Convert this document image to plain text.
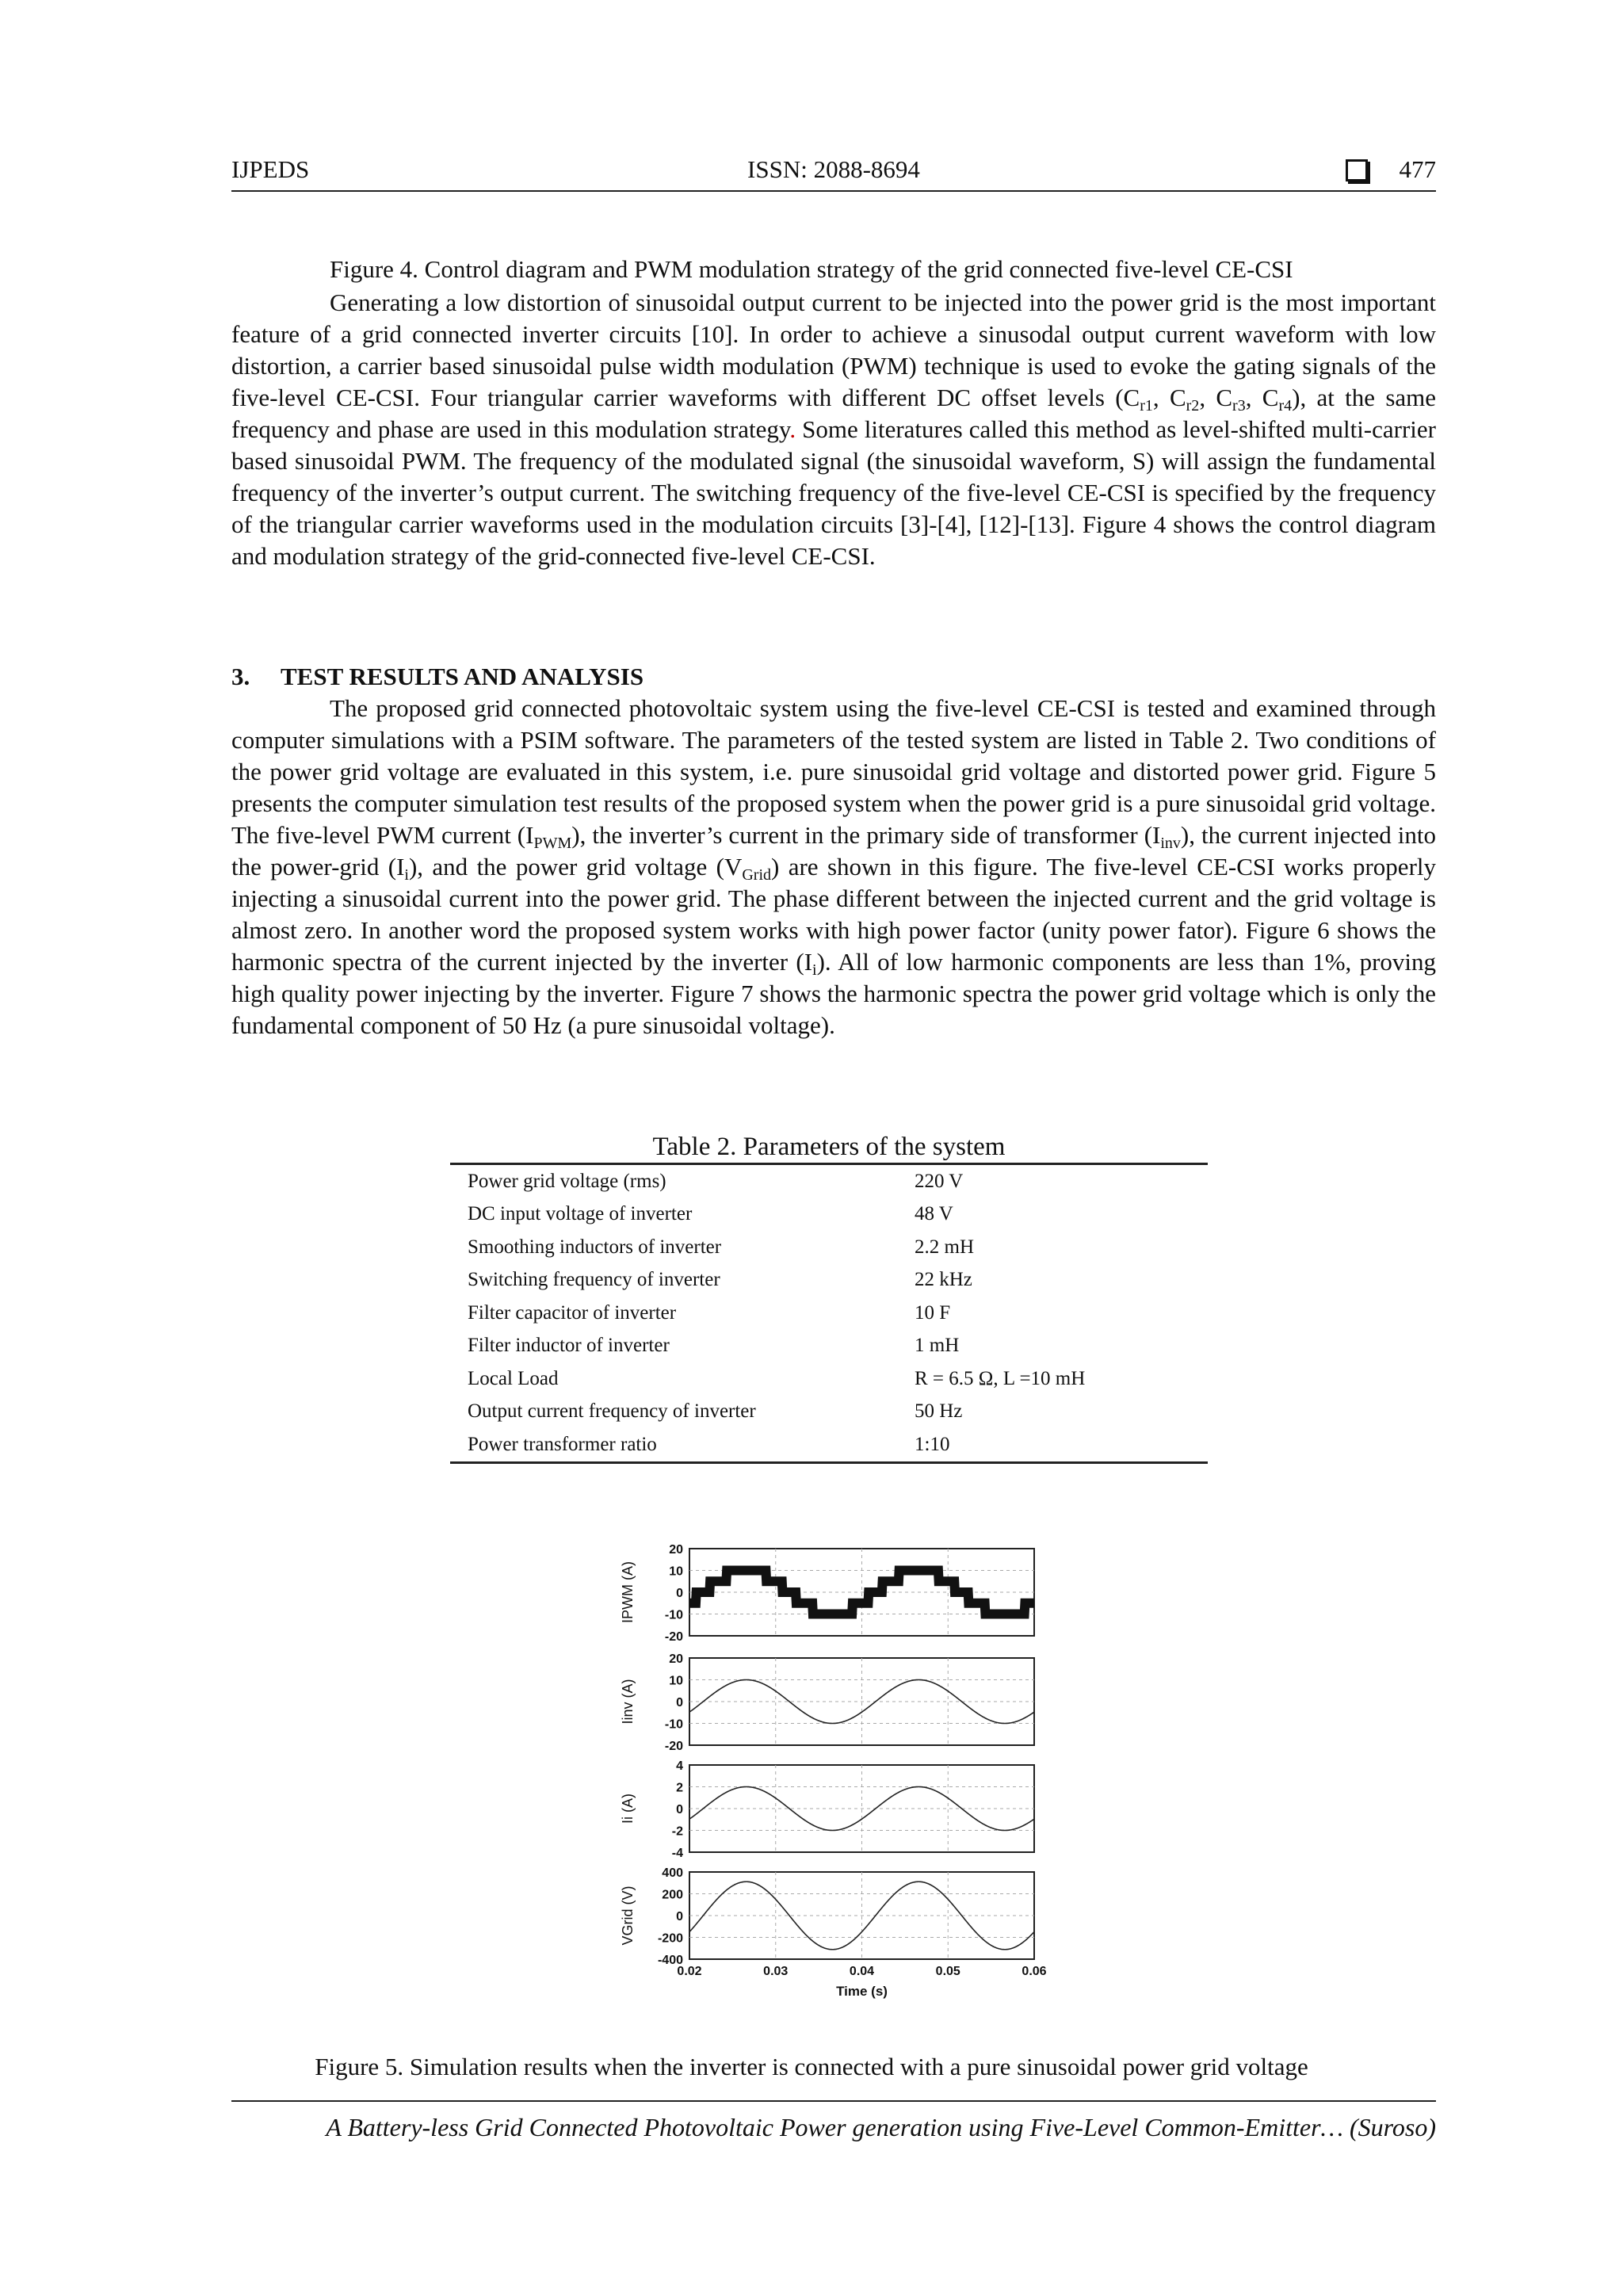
IJPEDS	ISSN: 2088-8694	477

Figure 4. Control diagram and PWM modulation strategy of the grid connected five-level CE-CSI

Generating a low distortion of sinusoidal output current to be injected into the power grid is the most important feature of a grid connected inverter circuits [10]. In order to achieve a sinusodal output current waveform with low distortion, a carrier based sinusoidal pulse width modulation (PWM) technique is used to evoke the gating signals of the five-level CE-CSI. Four triangular carrier waveforms with different DC offset levels ($C_{r1}$, $C_{r2}$, $C_{r3}$, $C_{r4}$), at the same frequency and phase are used in this modulation strategy. Some literatures called this method as level-shifted multi-carrier based sinusoidal PWM. The frequency of the modulated signal (the sinusoidal waveform, S) will assign the fundamental frequency of the inverter’s output current. The switching frequency of the five-level CE-CSI is specified by the frequency of the triangular carrier waveforms used in the modulation circuits [3]-[4], [12]-[13]. Figure 4 shows the control diagram and modulation strategy of the grid-connected five-level CE-CSI.

3. TEST RESULTS AND ANALYSIS

The proposed grid connected photovoltaic system using the five-level CE-CSI is tested and examined through computer simulations with a PSIM software. The parameters of the tested system are listed in Table 2. Two conditions of the power grid voltage are evaluated in this system, i.e. pure sinusoidal grid voltage and distorted power grid. Figure 5 presents the computer simulation test results of the proposed system when the power grid is a pure sinusoidal grid voltage. The five-level PWM current $(I_{PWM})$, the inverter’s current in the primary side of transformer $(I_{inv})$, the current injected into the power-grid $(I_i)$, and the power grid voltage $(V_{Grid})$ are shown in this figure. The five-level CE-CSI works properly injecting a sinusoidal current into the power grid. The phase different between the injected current and the grid voltage is almost zero. In another word the proposed system works with high power factor (unity power fator). Figure 6 shows the harmonic spectra of the current injected by the inverter $(I_i)$. All of low harmonic components are less than 1%, proving high quality power injecting by the inverter. Figure 7 shows the harmonic spectra the power grid voltage which is only the fundamental component of 50 Hz (a pure sinusoidal voltage).

Table 2. Parameters of the system
Power grid voltage (rms)	220 V
DC input voltage of inverter	48 V
Smoothing inductors of inverter	2.2 mH
Switching frequency of inverter	22 kHz
Filter capacitor of inverter	10 F
Filter inductor of inverter	1 mH
Local Load	R = 6.5 Ω, L =10 mH
Output current frequency of inverter	50 Hz
Power transformer ratio	1:10
20
10
0
-10
-20
IPWM (A)
20
10
0
-10
-20
Iinv (A)
4
2
0
-2
-4
Ii (A)
400
200
0
-200
-400
VGrid (V)
0.02	0.03	0.04	0.05	0.06
Time (s)

Figure 5. Simulation results when the inverter is connected with a pure sinusoidal power grid voltage

A Battery-less Grid Connected Photovoltaic Power generation using Five-Level Common-Emitter… (Suroso)
